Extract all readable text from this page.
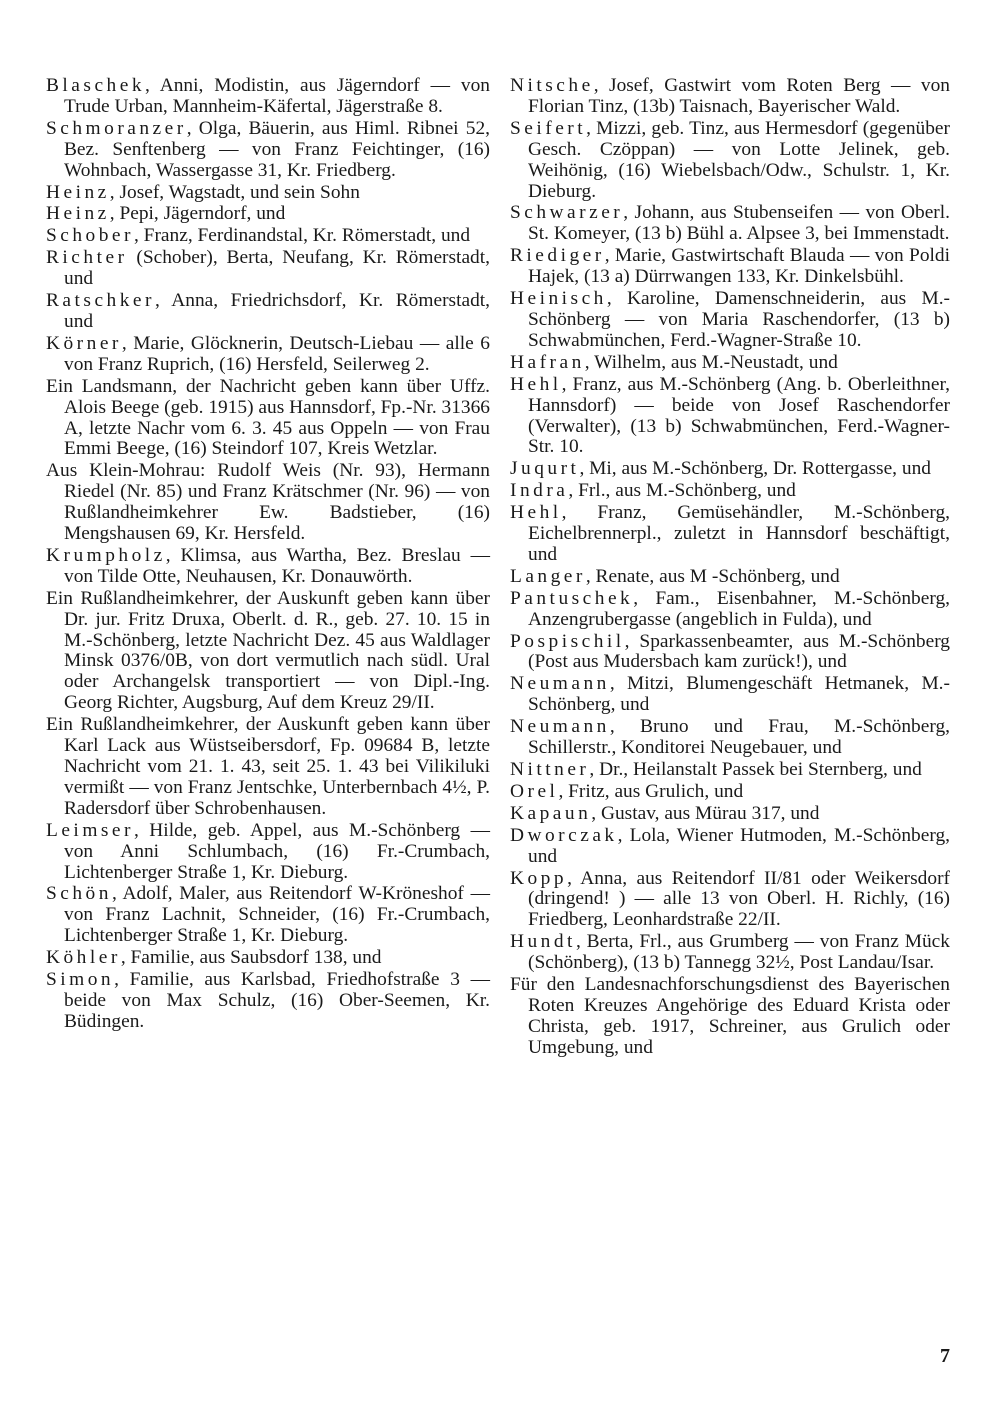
Blaschek, Anni, Modistin, aus Jägerndorf — von Trude Urban, Mannheim-Käfertal, Jägerstraße 8.

Schmoranzer, Olga, Bäuerin, aus Himl. Ribnei 52, Bez. Senftenberg — von Franz Feichtinger, (16) Wohnbach, Wassergasse 31, Kr. Friedberg.

Heinz, Josef, Wagstadt, und sein Sohn

Heinz, Pepi, Jägerndorf, und

Schober, Franz, Ferdinandstal, Kr. Römerstadt, und

Richter (Schober), Berta, Neufang, Kr. Römerstadt, und

Ratschker, Anna, Friedrichsdorf, Kr. Römerstadt, und

Körner, Marie, Glöcknerin, Deutsch-Liebau — alle 6 von Franz Ruprich, (16) Hersfeld, Seilerweg 2.

Ein Landsmann, der Nachricht geben kann über Uffz. Alois Beege (geb. 1915) aus Hannsdorf, Fp.-Nr. 31366 A, letzte Nachr vom 6. 3. 45 aus Oppeln — von Frau Emmi Beege, (16) Steindorf 107, Kreis Wetzlar.

Aus Klein-Mohrau: Rudolf Weis (Nr. 93), Hermann Riedel (Nr. 85) und Franz Krätschmer (Nr. 96) — von Rußlandheimkehrer Ew. Badstieber, (16) Mengshausen 69, Kr. Hersfeld.

Krumpholz, Klimsa, aus Wartha, Bez. Breslau — von Tilde Otte, Neuhausen, Kr. Donauwörth.

Ein Rußlandheimkehrer, der Auskunft geben kann über Dr. jur. Fritz Druxa, Oberlt. d. R., geb. 27. 10. 15 in M.-Schönberg, letzte Nachricht Dez. 45 aus Waldlager Minsk 0376/0B, von dort vermutlich nach südl. Ural oder Archangelsk transportiert — von Dipl.-Ing. Georg Richter, Augsburg, Auf dem Kreuz 29/II.

Ein Rußlandheimkehrer, der Auskunft geben kann über Karl Lack aus Wüstseibersdorf, Fp. 09684 B, letzte Nachricht vom 21. 1. 43, seit 25. 1. 43 bei Vilikiluki vermißt — von Franz Jentschke, Unterbernbach 4½, P. Radersdorf über Schrobenhausen.

Leimser, Hilde, geb. Appel, aus M.-Schönberg — von Anni Schlumbach, (16) Fr.-Crumbach, Lichtenberger Straße 1, Kr. Dieburg.

Schön, Adolf, Maler, aus Reitendorf W-Kröneshof — von Franz Lachnit, Schneider, (16) Fr.-Crumbach, Lichtenberger Straße 1, Kr. Dieburg.

Köhler, Familie, aus Saubsdorf 138, und

Simon, Familie, aus Karlsbad, Friedhofstraße 3 — beide von Max Schulz, (16) Ober-Seemen, Kr. Büdingen.

Nitsche, Josef, Gastwirt vom Roten Berg — von Florian Tinz, (13b) Taisnach, Bayerischer Wald.

Seifert, Mizzi, geb. Tinz, aus Hermesdorf (gegenüber Gesch. Czöppan) — von Lotte Jelinek, geb. Weihönig, (16) Wiebelsbach/Odw., Schulstr. 1, Kr. Dieburg.

Schwarzer, Johann, aus Stubenseifen — von Oberl. St. Komeyer, (13 b) Bühl a. Alpsee 3, bei Immenstadt.

Riediger, Marie, Gastwirtschaft Blauda — von Poldi Hajek, (13 a) Dürrwangen 133, Kr. Dinkelsbühl.

Heinisch, Karoline, Damenschneiderin, aus M.-Schönberg — von Maria Raschendorfer, (13 b) Schwabmünchen, Ferd.-Wagner-Straße 10.

Hafran, Wilhelm, aus M.-Neustadt, und

Hehl, Franz, aus M.-Schönberg (Ang. b. Oberleithner, Hannsdorf) — beide von Josef Raschendorfer (Verwalter), (13 b) Schwabmünchen, Ferd.-Wagner-Str. 10.

Juqurt, Mi, aus M.-Schönberg, Dr. Rottergasse, und

Indra, Frl., aus M.-Schönberg, und

Hehl, Franz, Gemüsehändler, M.-Schönberg, Eichelbrennerpl., zuletzt in Hannsdorf beschäftigt, und

Langer, Renate, aus M -Schönberg, und

Pantuschek, Fam., Eisenbahner, M.-Schönberg, Anzengrubergasse (angeblich in Fulda), und

Pospischil, Sparkassenbeamter, aus M.-Schönberg (Post aus Mudersbach kam zurück!), und

Neumann, Mitzi, Blumengeschäft Hetmanek, M.-Schönberg, und

Neumann, Bruno und Frau, M.-Schönberg, Schillerstr., Konditorei Neugebauer, und

Nittner, Dr., Heilanstalt Passek bei Sternberg, und

Orel, Fritz, aus Grulich, und

Kapaun, Gustav, aus Mürau 317, und

Dworczak, Lola, Wiener Hutmoden, M.-Schönberg, und

Kopp, Anna, aus Reitendorf II/81 oder Weikersdorf (dringend! ) — alle 13 von Oberl. H. Richly, (16) Friedberg, Leonhardstraße 22/II.

Hundt, Berta, Frl., aus Grumberg — von Franz Mück (Schönberg), (13 b) Tannegg 32½, Post Landau/Isar.

Für den Landesnachforschungsdienst des Bayerischen Roten Kreuzes Angehörige des Eduard Krista oder Christa, geb. 1917, Schreiner, aus Grulich oder Umgebung, und

7
